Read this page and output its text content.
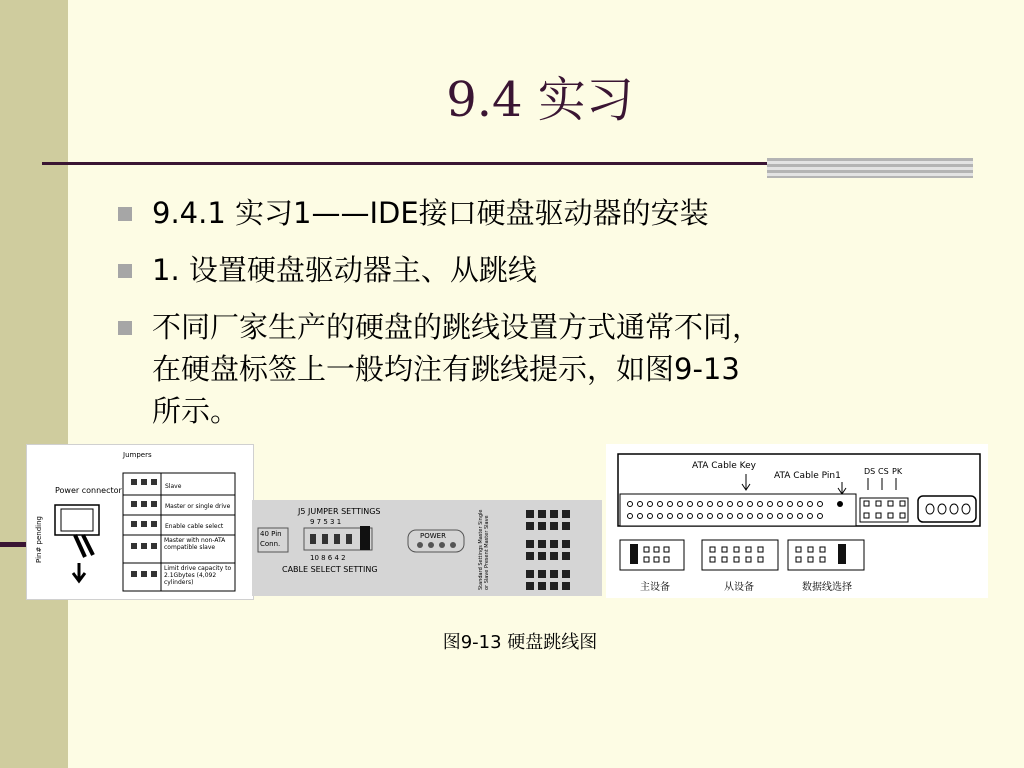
9.4 实习
9.4.1 实习1——IDE接口硬盘驱动器的安装
1. 设置硬盘驱动器主、从跳线
不同厂家生产的硬盘的跳线设置方式通常不同，
在硬盘标签上一般均注有跳线提示，如图9-13
所示。
Power connector
Pin# pending
Jumpers
Slave
Master or single drive
Enable cable select
Master with non-ATA compatible slave
Limit drive capacity to 2.1Gbytes (4,092 cylinders)
J5 JUMPER SETTINGS
9 7 5 3 1
40 Pin
Conn.
10 8 6 4 2
CABLE SELECT SETTING
POWER	Standard Settings Master Single or Slave Present Master Slave
ATA Cable Key
ATA Cable Pin1	DS CS PK
主设备	从设备	数据线选择
图9-13 硬盘跳线图
